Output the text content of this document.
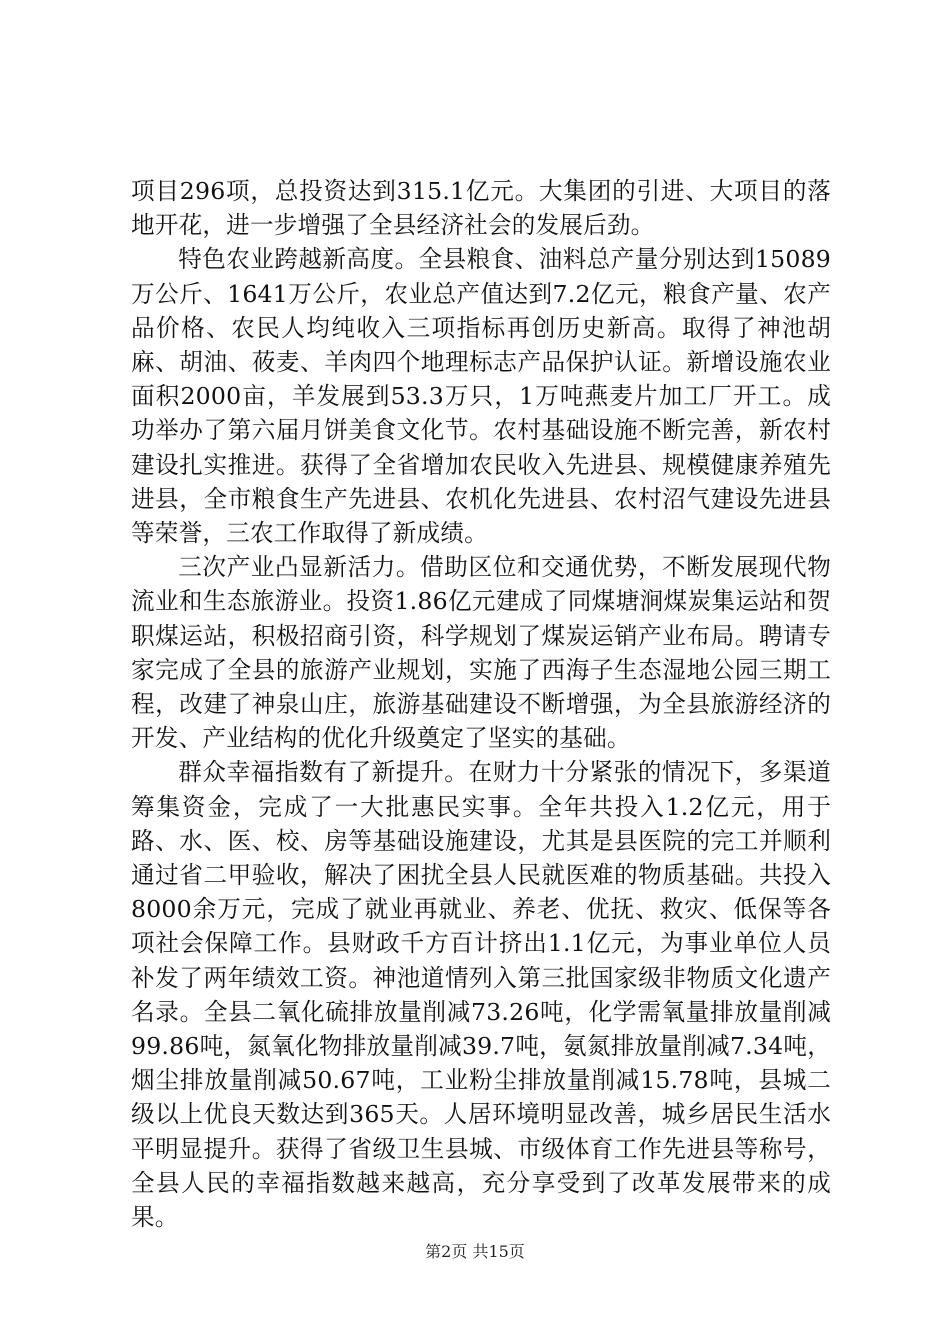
项目296项，总投资达到315.1亿元。大集团的引进、大项目的落地开花，进一步增强了全县经济社会的发展后劲。

特色农业跨越新高度。全县粮食、油料总产量分别达到15089万公斤、1641万公斤，农业总产值达到7.2亿元，粮食产量、农产品价格、农民人均纯收入三项指标再创历史新高。取得了神池胡麻、胡油、莜麦、羊肉四个地理标志产品保护认证。新增设施农业面积2000亩，羊发展到53.3万只，1万吨燕麦片加工厂开工。成功举办了第六届月饼美食文化节。农村基础设施不断完善，新农村建设扎实推进。获得了全省增加农民收入先进县、规模健康养殖先进县，全市粮食生产先进县、农机化先进县、农村沼气建设先进县等荣誉，三农工作取得了新成绩。

三次产业凸显新活力。借助区位和交通优势，不断发展现代物流业和生态旅游业。投资1.86亿元建成了同煤塘涧煤炭集运站和贺职煤运站，积极招商引资，科学规划了煤炭运销产业布局。聘请专家完成了全县的旅游产业规划，实施了西海子生态湿地公园三期工程，改建了神泉山庄，旅游基础建设不断增强，为全县旅游经济的开发、产业结构的优化升级奠定了坚实的基础。

群众幸福指数有了新提升。在财力十分紧张的情况下，多渠道筹集资金，完成了一大批惠民实事。全年共投入1.2亿元，用于路、水、医、校、房等基础设施建设，尤其是县医院的完工并顺利通过省二甲验收，解决了困扰全县人民就医难的物质基础。共投入8000余万元，完成了就业再就业、养老、优抚、救灾、低保等各项社会保障工作。县财政千方百计挤出1.1亿元，为事业单位人员补发了两年绩效工资。神池道情列入第三批国家级非物质文化遗产名录。全县二氧化硫排放量削减73.26吨，化学需氧量排放量削减99.86吨，氮氧化物排放量削减39.7吨，氨氮排放量削减7.34吨，烟尘排放量削减50.67吨，工业粉尘排放量削减15.78吨，县城二级以上优良天数达到365天。人居环境明显改善，城乡居民生活水平明显提升。获得了省级卫生县城、市级体育工作先进县等称号，全县人民的幸福指数越来越高，充分享受到了改革发展带来的成果。

第2页 共15页
